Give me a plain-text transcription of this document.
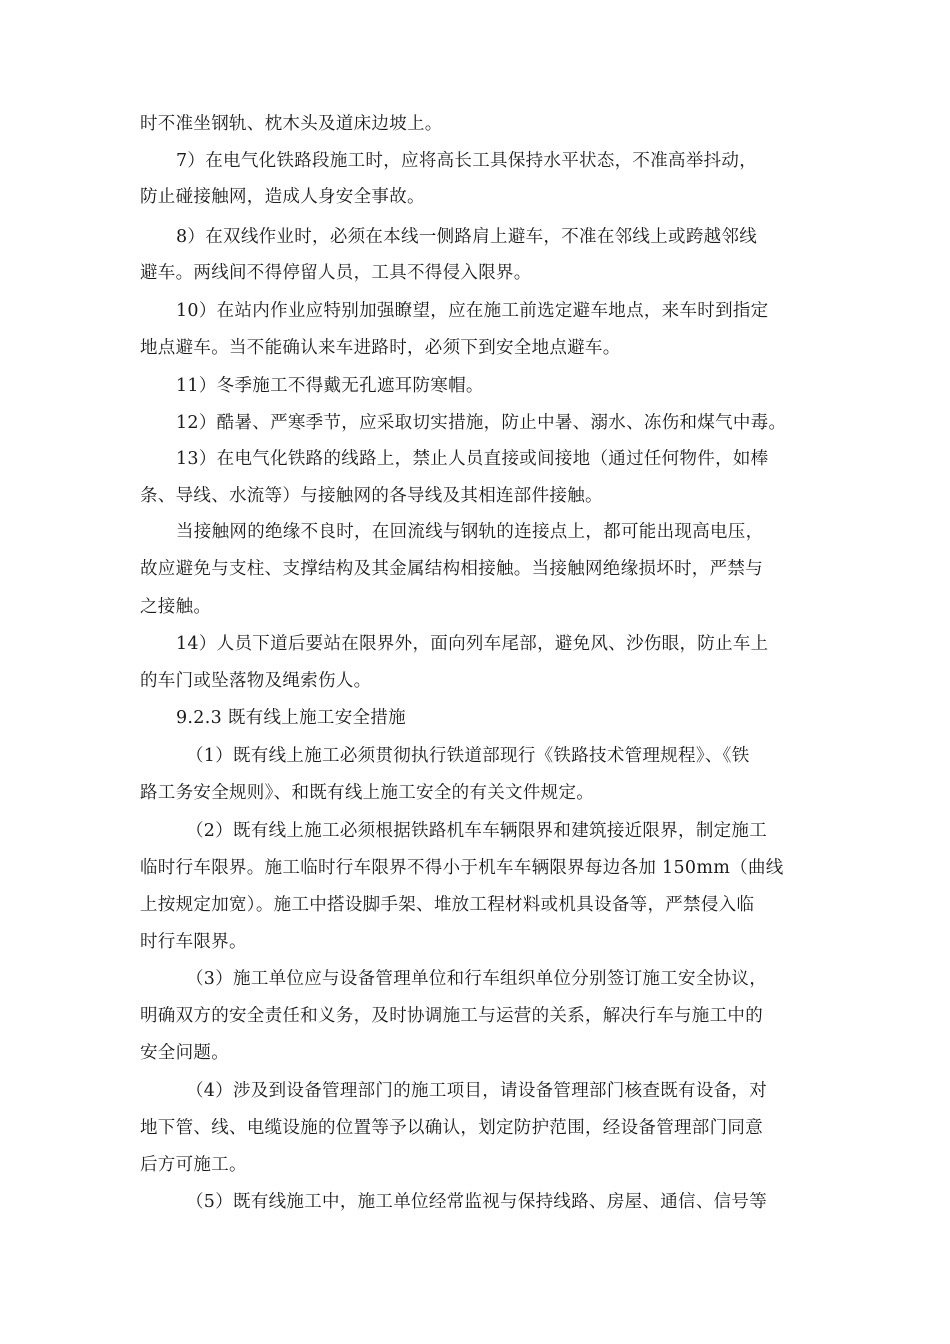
时不准坐钢轨、枕木头及道床边坡上。
7）在电气化铁路段施工时，应将高长工具保持水平状态，不准高举抖动，
防止碰接触网，造成人身安全事故。
8）在双线作业时，必须在本线一侧路肩上避车，不准在邻线上或跨越邻线
避车。两线间不得停留人员，工具不得侵入限界。
10）在站内作业应特别加强瞭望，应在施工前选定避车地点，来车时到指定
地点避车。当不能确认来车进路时，必须下到安全地点避车。
11）冬季施工不得戴无孔遮耳防寒帽。
12）酷暑、严寒季节，应采取切实措施，防止中暑、溺水、冻伤和煤气中毒。
13）在电气化铁路的线路上，禁止人员直接或间接地（通过任何物件，如棒
条、导线、水流等）与接触网的各导线及其相连部件接触。
当接触网的绝缘不良时，在回流线与钢轨的连接点上，都可能出现高电压，
故应避免与支柱、支撑结构及其金属结构相接触。当接触网绝缘损坏时，严禁与
之接触。
14）人员下道后要站在限界外，面向列车尾部，避免风、沙伤眼，防止车上
的车门或坠落物及绳索伤人。
9.2.3 既有线上施工安全措施
（1）既有线上施工必须贯彻执行铁道部现行《铁路技术管理规程》、《铁
路工务安全规则》、和既有线上施工安全的有关文件规定。
（2）既有线上施工必须根据铁路机车车辆限界和建筑接近限界，制定施工
临时行车限界。施工临时行车限界不得小于机车车辆限界每边各加 150mm（曲线
上按规定加宽）。施工中搭设脚手架、堆放工程材料或机具设备等，严禁侵入临
时行车限界。
（3）施工单位应与设备管理单位和行车组织单位分别签订施工安全协议，
明确双方的安全责任和义务，及时协调施工与运营的关系，解决行车与施工中的
安全问题。
（4）涉及到设备管理部门的施工项目，请设备管理部门核查既有设备，对
地下管、线、电缆设施的位置等予以确认，划定防护范围，经设备管理部门同意
后方可施工。
（5）既有线施工中，施工单位经常监视与保持线路、房屋、通信、信号等
